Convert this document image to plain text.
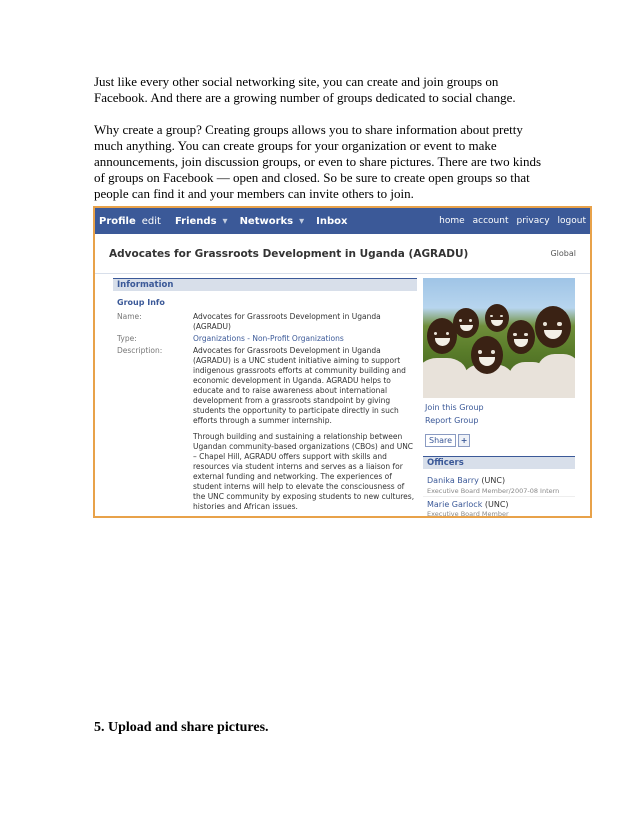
Just like every other social networking site, you can create and join groups on Facebook. And there are a growing number of groups dedicated to social change.

Why create a group? Creating groups allows you to share information about pretty much anything. You can create groups for your organization or event to make announcements, join discussion groups, or even to share pictures. There are two kinds of groups on Facebook — open and closed. So be sure to create open groups so that people can find it and your members can invite others to join.

Profile edit Friends ▾ Networks ▾ Inbox	home account privacy logout
Advocates for Grassroots Development in Uganda (AGRADU)	Global
Information
Group Info
Name:	Advocates for Grassroots Development in Uganda (AGRADU)
Type:	Organizations - Non-Profit Organizations
Description:	Advocates for Grassroots Development in Uganda (AGRADU) is a UNC student initiative aiming to support indigenous grassroots efforts at community building and economic development in Uganda. AGRADU helps to educate and to raise awareness about international development from a grassroots standpoint by giving students the opportunity to participate directly in such efforts through a summer internship.
Through building and sustaining a relationship between Ugandan community-based organizations (CBOs) and UNC – Chapel Hill, AGRADU offers support with skills and resources via student interns and serves as a liaison for external funding and networking. The experiences of student interns will help to elevate the consciousness of the UNC community by exposing students to new cultures, histories and African issues.
Join this Group
Report Group
Share	+
Officers
Danika Barry (UNC)
Executive Board Member/2007-08 Intern
Marie Garlock (UNC)
Executive Board Member
5. Upload and share pictures.
